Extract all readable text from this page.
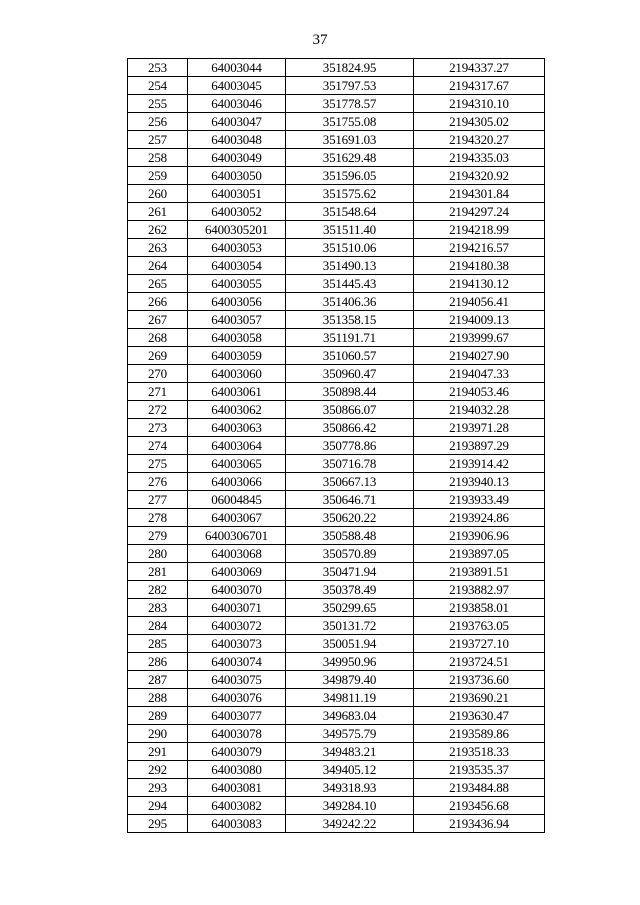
37
253	64003044	351824.95	2194337.27
254	64003045	351797.53	2194317.67
255	64003046	351778.57	2194310.10
256	64003047	351755.08	2194305.02
257	64003048	351691.03	2194320.27
258	64003049	351629.48	2194335.03
259	64003050	351596.05	2194320.92
260	64003051	351575.62	2194301.84
261	64003052	351548.64	2194297.24
262	6400305201	351511.40	2194218.99
263	64003053	351510.06	2194216.57
264	64003054	351490.13	2194180.38
265	64003055	351445.43	2194130.12
266	64003056	351406.36	2194056.41
267	64003057	351358.15	2194009.13
268	64003058	351191.71	2193999.67
269	64003059	351060.57	2194027.90
270	64003060	350960.47	2194047.33
271	64003061	350898.44	2194053.46
272	64003062	350866.07	2194032.28
273	64003063	350866.42	2193971.28
274	64003064	350778.86	2193897.29
275	64003065	350716.78	2193914.42
276	64003066	350667.13	2193940.13
277	06004845	350646.71	2193933.49
278	64003067	350620.22	2193924.86
279	6400306701	350588.48	2193906.96
280	64003068	350570.89	2193897.05
281	64003069	350471.94	2193891.51
282	64003070	350378.49	2193882.97
283	64003071	350299.65	2193858.01
284	64003072	350131.72	2193763.05
285	64003073	350051.94	2193727.10
286	64003074	349950.96	2193724.51
287	64003075	349879.40	2193736.60
288	64003076	349811.19	2193690.21
289	64003077	349683.04	2193630.47
290	64003078	349575.79	2193589.86
291	64003079	349483.21	2193518.33
292	64003080	349405.12	2193535.37
293	64003081	349318.93	2193484.88
294	64003082	349284.10	2193456.68
295	64003083	349242.22	2193436.94
